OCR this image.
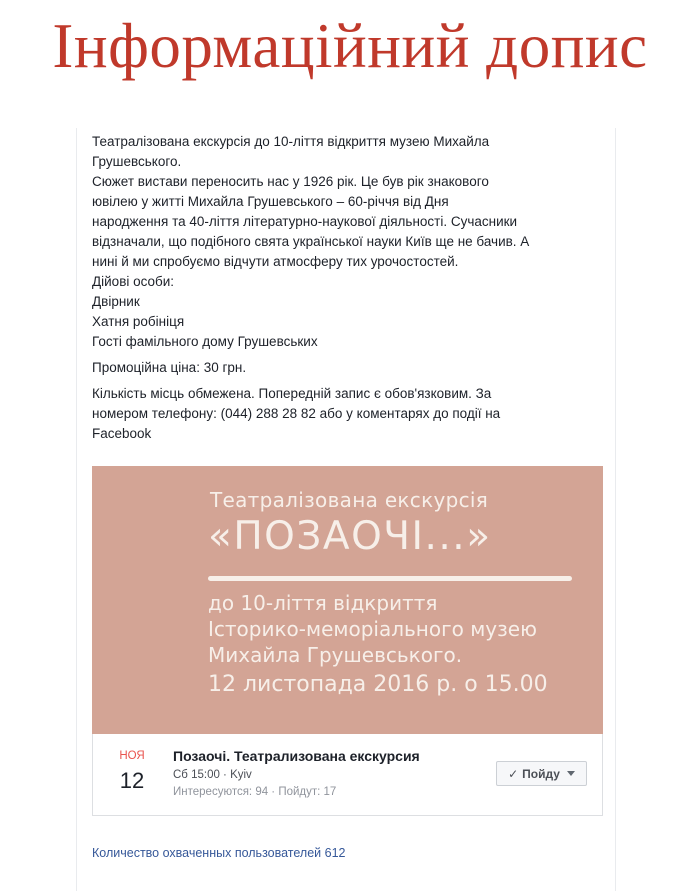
Інформаційний допис

Театралізована екскурсія до 10-ліття відкриття музею Михайла

Грушевського.

Сюжет вистави переносить нас у 1926 рік. Це був рік знакового

ювілею у житті Михайла Грушевського – 60-річчя від Дня

народження та 40-ліття літературно-наукової діяльності. Сучасники

відзначали, що подібного свята української науки Київ ще не бачив. А

нині й ми спробуємо відчути атмосферу тих урочостостей.

Дійові особи:

Двірник

Хатня робініця

Гості фамільного дому Грушевських

Промоційна ціна: 30 грн.

Кількість місць обмежена. Попередній запис є обов'язковим. За

номером телефону: (044) 288 28 82 або у коментарях до події на

Facebook

Театралізована екскурсія
«ПОЗАОЧІ...»
до 10-ліття відкриття
Історико-меморіального музею
Михайла Грушевського.
12 листопада 2016 р. о 15.00
НОЯ
12
Позаочі. Театрализованa екскурсия
Сб 15:00 · Kyiv
Интересуются: 94 · Пойдут: 17
✓ Пойду
Количество охваченных пользователей 612
